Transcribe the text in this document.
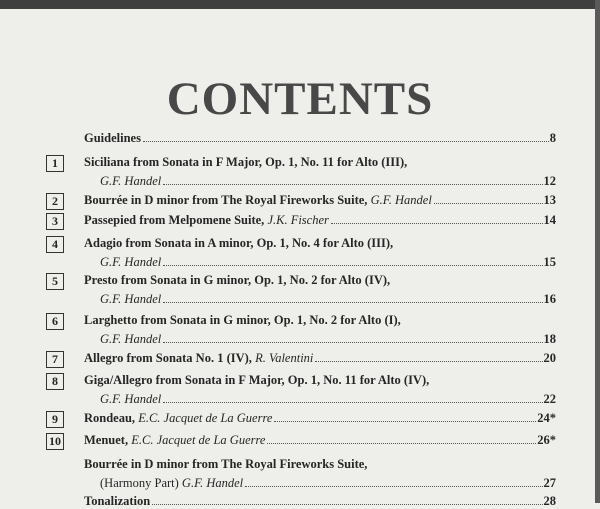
CONTENTS
Guidelines	8
1	Siciliana from Sonata in F Major, Op. 1, No. 11 for Alto (III),
G.F. Handel	12
2	Bourrée in D minor from The Royal Fireworks Suite, G.F. Handel	13
3	Passepied from Melpomene Suite, J.K. Fischer	14
4	Adagio from Sonata in A minor, Op. 1, No. 4 for Alto (III),
G.F. Handel	15
5	Presto from Sonata in G minor, Op. 1, No. 2 for Alto (IV),
G.F. Handel	16
6	Larghetto from Sonata in G minor, Op. 1, No. 2 for Alto (I),
G.F. Handel	18
7	Allegro from Sonata No. 1 (IV), R. Valentini	20
8	Giga/Allegro from Sonata in F Major, Op. 1, No. 11 for Alto (IV),
G.F. Handel	22
9	Rondeau, E.C. Jacquet de La Guerre	24*
10 Menuet, E.C. Jacquet de La Guerre	26*
Bourrée in D minor from The Royal Fireworks Suite,
(Harmony Part) G.F. Handel	27
Tonalization	28
